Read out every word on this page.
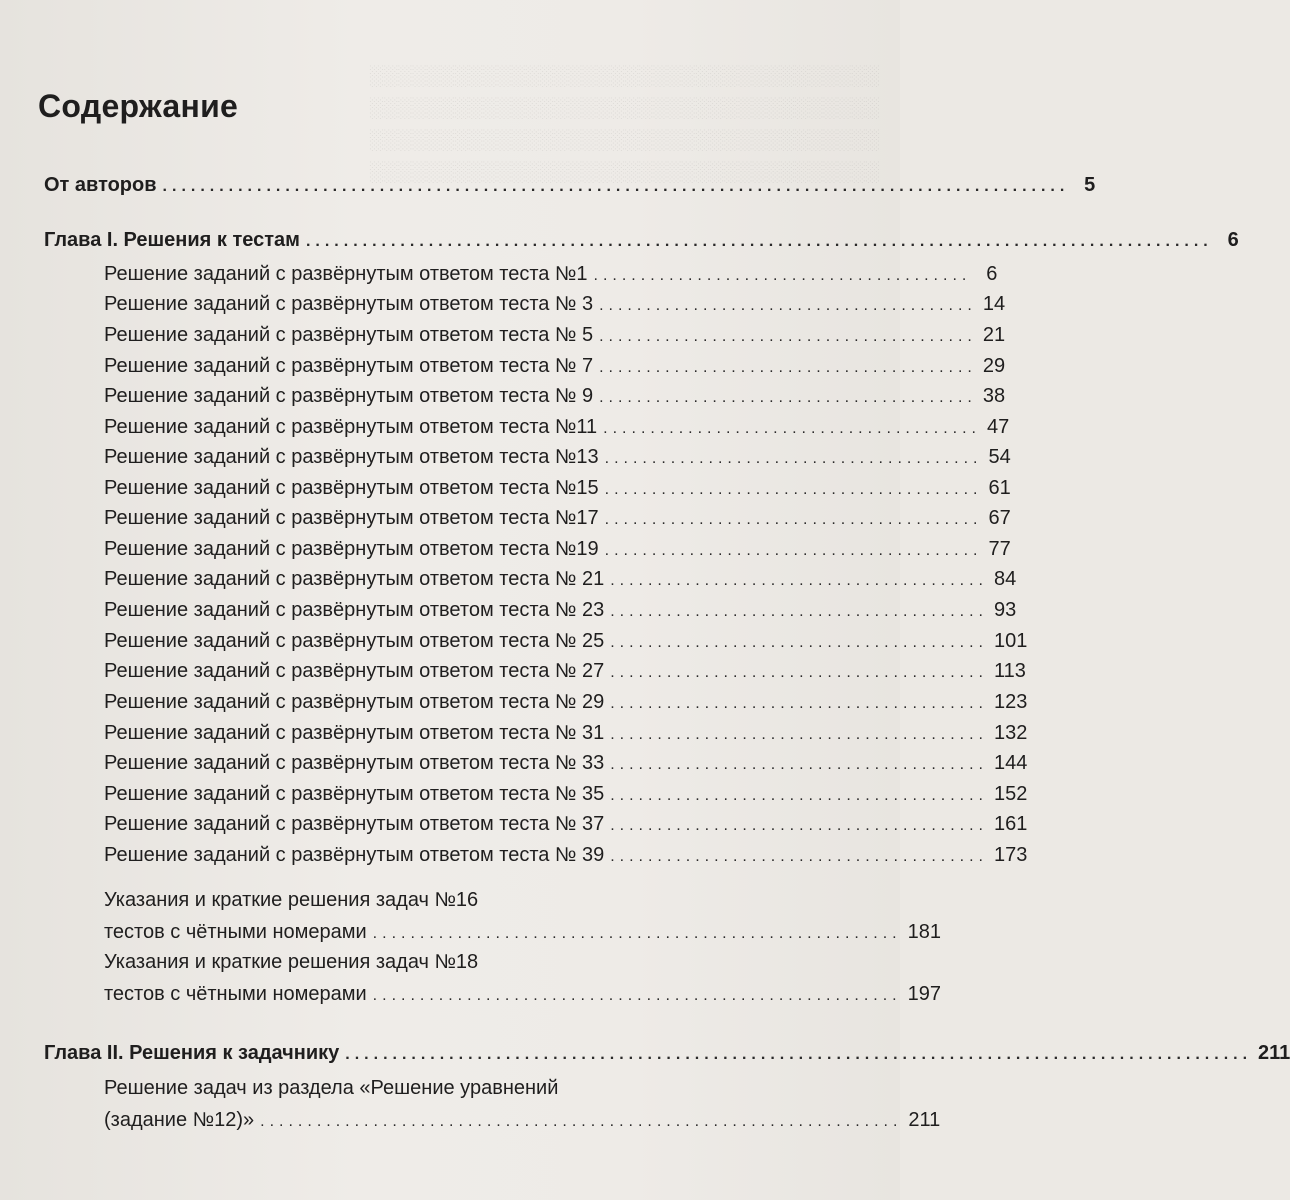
░░░░░░░░░░░░░░░░░░░░░░░░░░░░░░░░░░░░
░░░░░░░░░░░░░░░░░░░░░░░░░░░░░░░░░░░░
░░░░░░░░░░░░░░░░░░░░░░░░░░░░░░░░░░░░
░░░░░░░░░░░░░░░░░░░░░░░░░░░░░░░░░░░░
Содержание
От авторов ................................................................................................ 5
Глава I. Решения к тестам ................................................................................................ 6
Решение заданий с развёрнутым ответом теста №1 ........................................ 6
Решение заданий с развёрнутым ответом теста № 3 ........................................ 14
Решение заданий с развёрнутым ответом теста № 5 ........................................ 21
Решение заданий с развёрнутым ответом теста № 7 ........................................ 29
Решение заданий с развёрнутым ответом теста № 9 ........................................ 38
Решение заданий с развёрнутым ответом теста №11 ........................................ 47
Решение заданий с развёрнутым ответом теста №13 ........................................ 54
Решение заданий с развёрнутым ответом теста №15 ........................................ 61
Решение заданий с развёрнутым ответом теста №17 ........................................ 67
Решение заданий с развёрнутым ответом теста №19 ........................................ 77
Решение заданий с развёрнутым ответом теста № 21 ........................................ 84
Решение заданий с развёрнутым ответом теста № 23 ........................................ 93
Решение заданий с развёрнутым ответом теста № 25 ........................................ 101
Решение заданий с развёрнутым ответом теста № 27 ........................................ 113
Решение заданий с развёрнутым ответом теста № 29 ........................................ 123
Решение заданий с развёрнутым ответом теста № 31 ........................................ 132
Решение заданий с развёрнутым ответом теста № 33 ........................................ 144
Решение заданий с развёрнутым ответом теста № 35 ........................................ 152
Решение заданий с развёрнутым ответом теста № 37 ........................................ 161
Решение заданий с развёрнутым ответом теста № 39 ........................................ 173
Указания и краткие решения задач №16
тестов с чётными номерами ........................................................ 181
Указания и краткие решения задач №18
тестов с чётными номерами ........................................................ 197
Глава II. Решения к задачнику ................................................................................................ 211
Решение задач из раздела «Решение уравнений
(задание №12)» .................................................................... 211
